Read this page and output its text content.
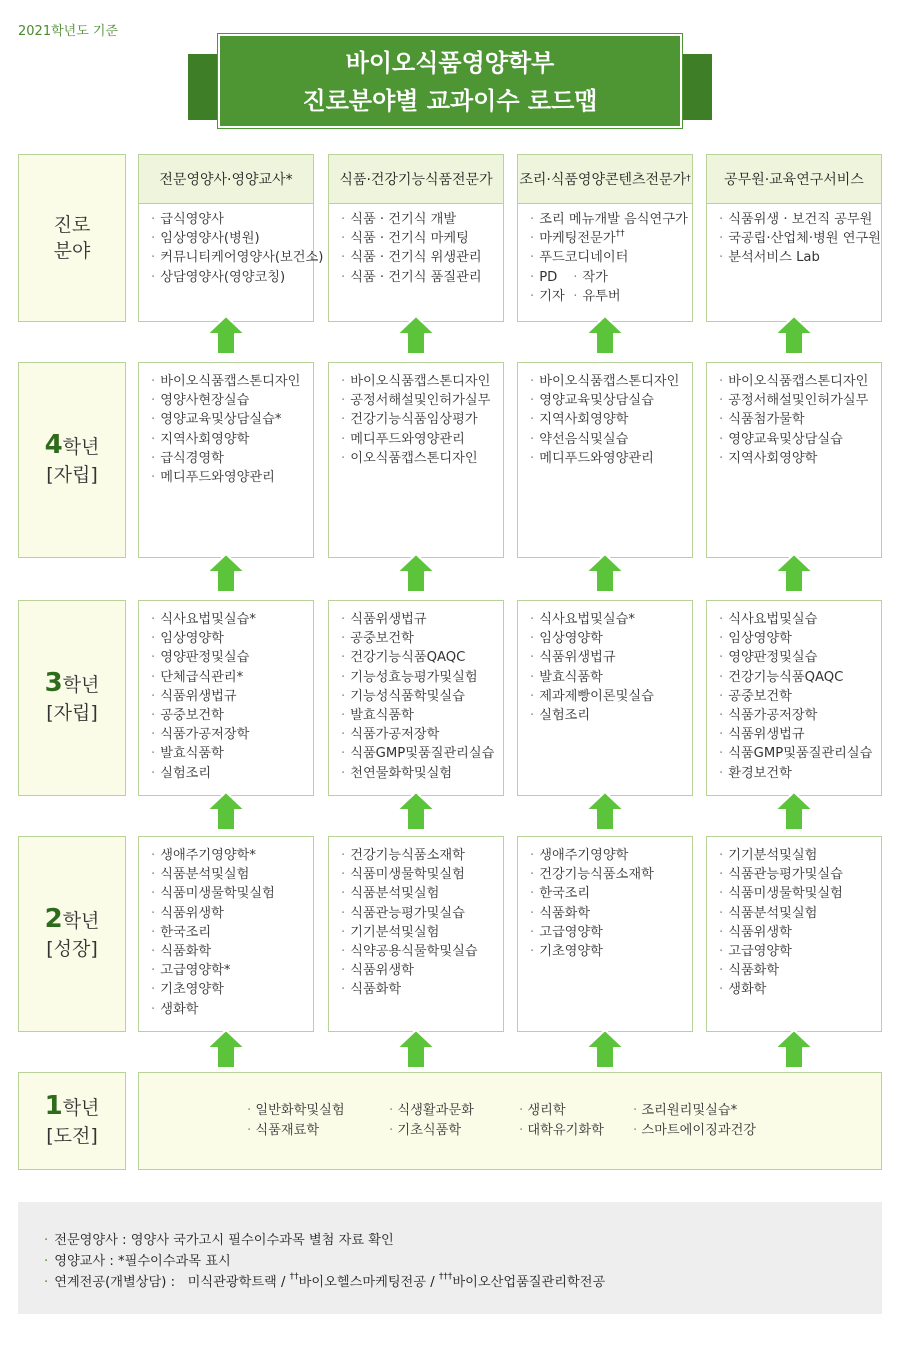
2021학년도 기준
바이오식품영양학부
진로분야별 교과이수 로드맵
진로
분야
전문영양사·영양교사*
· 급식영양사
· 임상영양사(병원)
· 커뮤니티케어영양사(보건소)
· 상담영양사(영양코칭)
· 바이오식품캡스톤디자인
· 영양사현장실습
· 영양교육및상담실습*
· 지역사회영양학
· 급식경영학
· 메디푸드와영양관리
· 식사요법및실습*
· 임상영양학
· 영양판정및실습
· 단체급식관리*
· 식품위생법규
· 공중보건학
· 식품가공저장학
· 발효식품학
· 실험조리
· 생애주기영양학*
· 식품분석및실험
· 식품미생물학및실험
· 식품위생학
· 한국조리
· 식품화학
· 고급영양학*
· 기초영양학
· 생화학
식품·건강기능식품전문가
· 식품 · 건기식 개발
· 식품 · 건기식 마케팅
· 식품 · 건기식 위생관리
· 식품 · 건기식 품질관리
· 바이오식품캡스톤디자인
· 공정서해설및인허가실무
· 건강기능식품임상평가
· 메디푸드와영양관리
· 이오식품캡스톤디자인
· 식품위생법규
· 공중보건학
· 건강기능식품QAQC
· 기능성효능평가및실험
· 기능성식품학및실습
· 발효식품학
· 식품가공저장학
· 식품GMP및품질관리실습
· 천연물화학및실험
· 건강기능식품소재학
· 식품미생물학및실험
· 식품분석및실험
· 식품관능평가및실습
· 기기분석및실험
· 식약공용식물학및실습
· 식품위생학
· 식품화학
조리·식품영양콘텐츠전문가 †
· 조리 메뉴개발 음식연구가
· 마케팅전문가††
· 푸드코디네이터
· PD · 작가
· 기자 · 유투버
· 바이오식품캡스톤디자인
· 영양교육및상담실습
· 지역사회영양학
· 약선음식및실습
· 메디푸드와영양관리
· 식사요법및실습*
· 임상영양학
· 식품위생법규
· 발효식품학
· 제과제빵이론및실습
· 실험조리
· 생애주기영양학
· 건강기능식품소재학
· 한국조리
· 식품화학
· 고급영양학
· 기초영양학
공무원·교육연구서비스
· 식품위생 · 보건직 공무원
· 국공립·산업체·병원 연구원
· 분석서비스 Lab
· 바이오식품캡스톤디자인
· 공정서해설및인허가실무
· 식품첨가물학
· 영양교육및상담실습
· 지역사회영양학
· 식사요법및실습
· 임상영양학
· 영양판정및실습
· 건강기능식품QAQC
· 공중보건학
· 식품가공저장학
· 식품위생법규
· 식품GMP및품질관리실습
· 환경보건학
· 기기분석및실험
· 식품관능평가및실습
· 식품미생물학및실험
· 식품분석및실험
· 식품위생학
· 고급영양학
· 식품화학
· 생화학
4학년
[자립]
3학년
[자립]
2학년
[성장]
1학년
[도전]
· 일반화학및실험
· 식품재료학
· 식생활과문화
· 기초식품학
· 생리학
· 대학유기화학
· 조리원리및실습*
· 스마트에이징과건강
· 전문영양사 : 영양사 국가고시 필수이수과목 별첨 자료 확인
· 영양교사 : *필수이수과목 표시
· 연계전공(개별상담) : 미식관광학트랙 / ††바이오헬스마케팅전공 / †††바이오산업품질관리학전공
